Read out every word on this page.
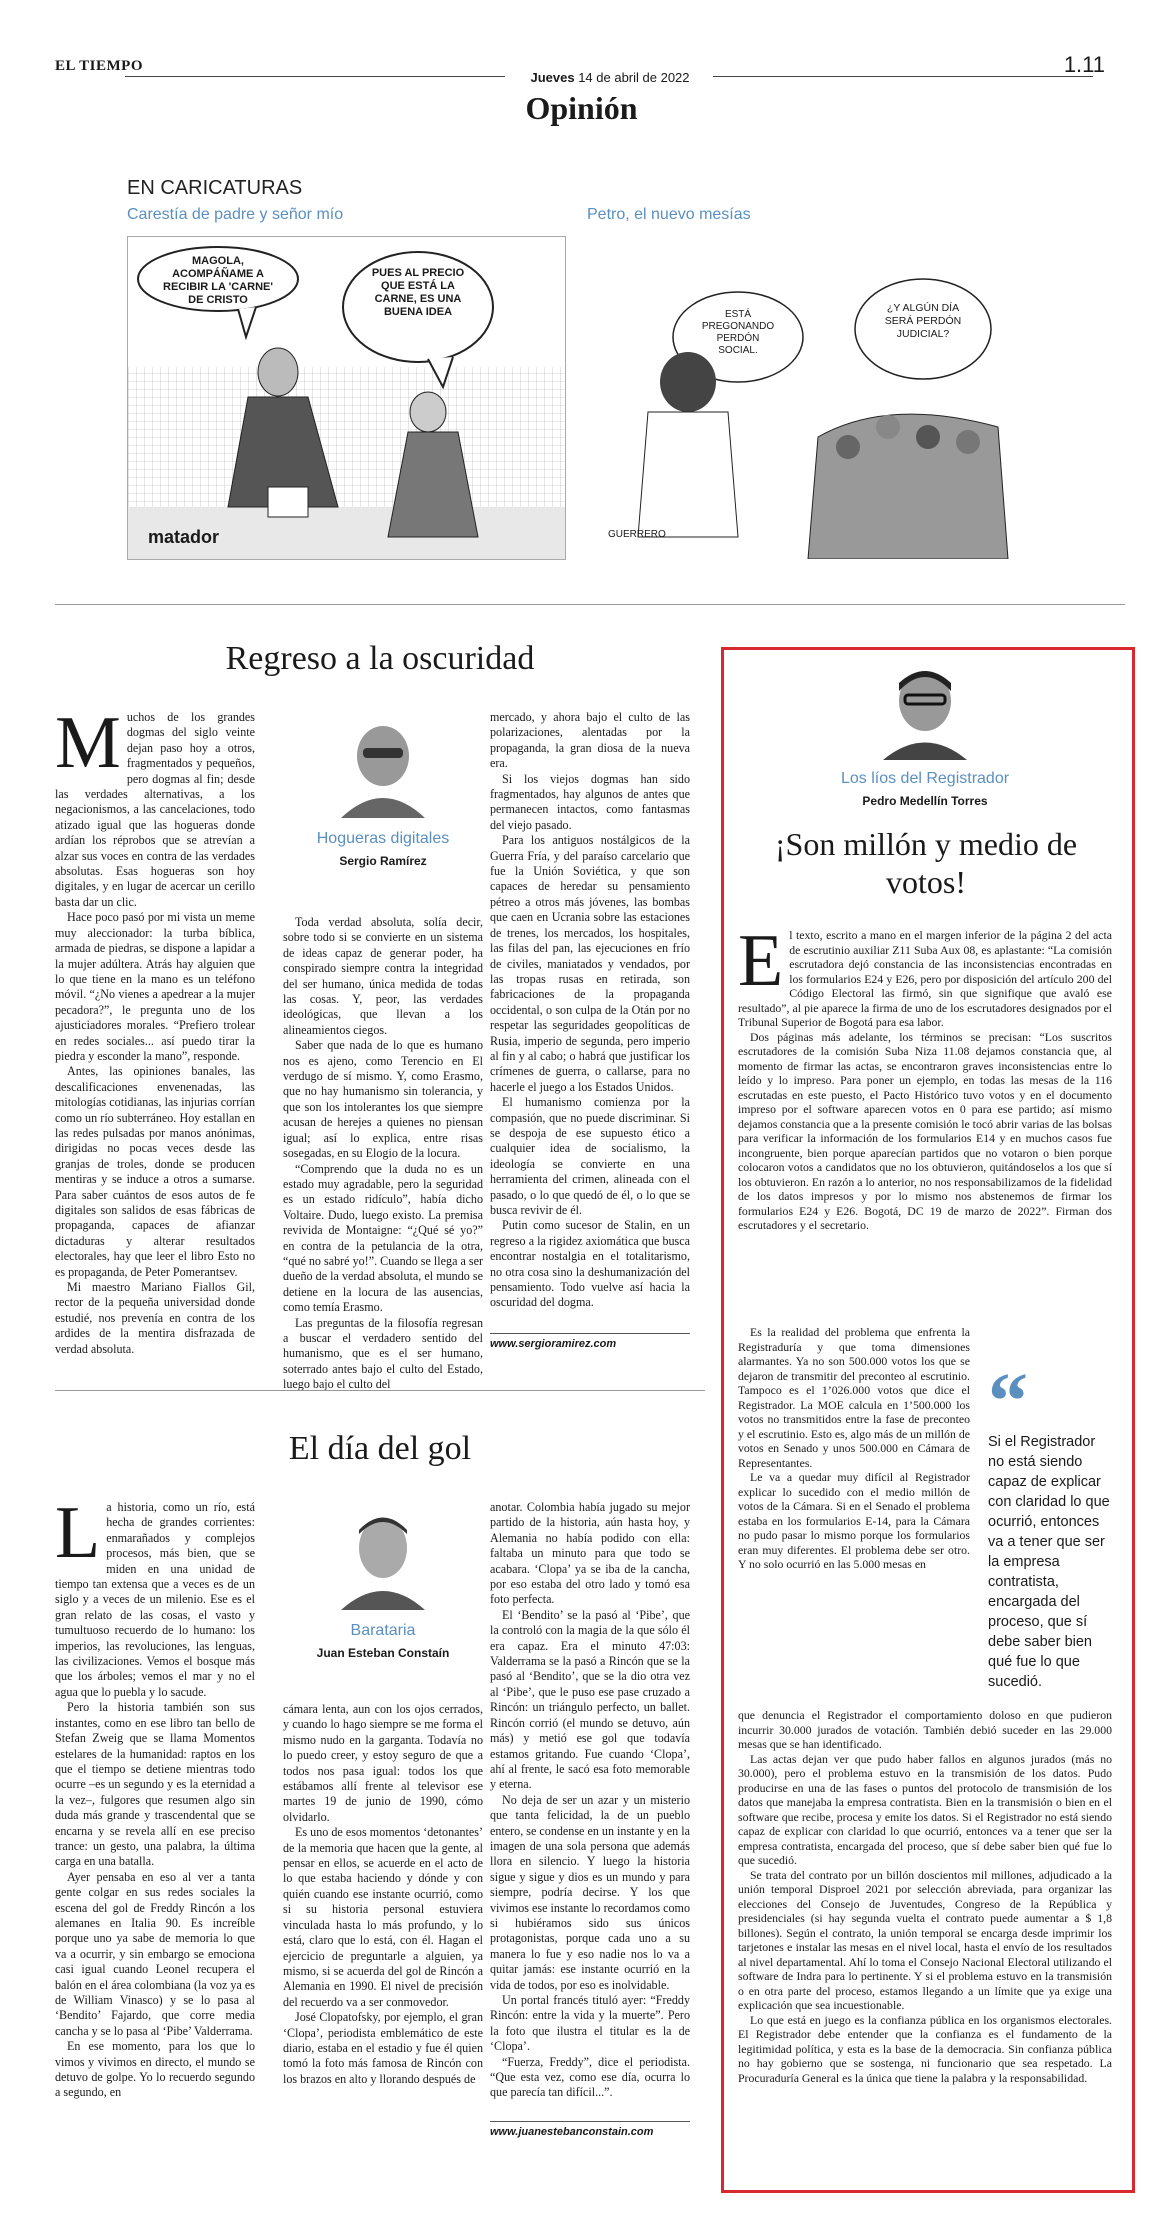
EL TIEMPO
Jueves 14 de abril de 2022
1.11
Opinión
EN CARICATURAS
Carestía de padre y señor mío	Petro, el nuevo mesías
MAGOLA, ACOMPÁÑAME A RECIBIR LA 'CARNE' DE CRISTO
PUES AL PRECIO QUE ESTÁ LA CARNE, ES UNA BUENA IDEA
matador
ESTÁ PREGONANDO PERDÓN SOCIAL.
¿Y ALGÚN DÍA SERÁ PERDÓN JUDICIAL?
GUERRERO
Regreso a la oscuridad

Muchos de los grandes dogmas del siglo veinte dejan paso hoy a otros, fragmentados y pequeños, pero dogmas al fin; desde las verdades alternativas, a los negacionismos, a las cancelaciones, todo atizado igual que las hogueras donde ardían los réprobos que se atrevían a alzar sus voces en contra de las verdades absolutas. Esas hogueras son hoy digitales, y en lugar de acercar un cerillo basta dar un clic.

Hace poco pasó por mi vista un meme muy aleccionador: la turba bíblica, armada de piedras, se dispone a lapidar a la mujer adúltera. Atrás hay alguien que lo que tiene en la mano es un teléfono móvil. “¿No vienes a apedrear a la mujer pecadora?”, le pregunta uno de los ajusticiadores morales. “Prefiero trolear en redes sociales... así puedo tirar la piedra y esconder la mano”, responde.

Antes, las opiniones banales, las descalificaciones envenenadas, las mitologías cotidianas, las injurias corrían como un río subterráneo. Hoy estallan en las redes pulsadas por manos anónimas, dirigidas no pocas veces desde las granjas de troles, donde se producen mentiras y se induce a otros a sumarse. Para saber cuántos de esos autos de fe digitales son salidos de esas fábricas de propaganda, capaces de afianzar dictaduras y alterar resultados electorales, hay que leer el libro Esto no es propaganda, de Peter Pomerantsev.

Mi maestro Mariano Fiallos Gil, rector de la pequeña universidad donde estudié, nos prevenía en contra de los ardides de la mentira disfrazada de verdad absoluta.

Hogueras digitales
Sergio Ramírez

Toda verdad absoluta, solía decir, sobre todo si se convierte en un sistema de ideas capaz de generar poder, ha conspirado siempre contra la integridad del ser humano, única medida de todas las cosas. Y, peor, las verdades ideológicas, que llevan a los alineamientos ciegos.

Saber que nada de lo que es humano nos es ajeno, como Terencio en El verdugo de sí mismo. Y, como Erasmo, que no hay humanismo sin tolerancia, y que son los intolerantes los que siempre acusan de herejes a quienes no piensan igual; así lo explica, entre risas sosegadas, en su Elogio de la locura.

“Comprendo que la duda no es un estado muy agradable, pero la seguridad es un estado ridículo”, había dicho Voltaire. Dudo, luego existo. La premisa revivida de Montaigne: “¿Qué sé yo?” en contra de la petulancia de la otra, “qué no sabré yo!”. Cuando se llega a ser dueño de la verdad absoluta, el mundo se detiene en la locura de las ausencias, como temía Erasmo.

Las preguntas de la filosofía regresan a buscar el verdadero sentido del humanismo, que es el ser humano, soterrado antes bajo el culto del Estado, luego bajo el culto del

mercado, y ahora bajo el culto de las polarizaciones, alentadas por la propaganda, la gran diosa de la nueva era.

Si los viejos dogmas han sido fragmentados, hay algunos de antes que permanecen intactos, como fantasmas del viejo pasado.

Para los antiguos nostálgicos de la Guerra Fría, y del paraíso carcelario que fue la Unión Soviética, y que son capaces de heredar su pensamiento pétreo a otros más jóvenes, las bombas que caen en Ucrania sobre las estaciones de trenes, los mercados, los hospitales, las filas del pan, las ejecuciones en frío de civiles, maniatados y vendados, por las tropas rusas en retirada, son fabricaciones de la propaganda occidental, o son culpa de la Otán por no respetar las seguridades geopolíticas de Rusia, imperio de segunda, pero imperio al fin y al cabo; o habrá que justificar los crímenes de guerra, o callarse, para no hacerle el juego a los Estados Unidos.

El humanismo comienza por la compasión, que no puede discriminar. Si se despoja de ese supuesto ético a cualquier idea de socialismo, la ideología se convierte en una herramienta del crimen, alineada con el pasado, o lo que quedó de él, o lo que se busca revivir de él.

Putin como sucesor de Stalin, en un regreso a la rigidez axiomática que busca encontrar nostalgia en el totalitarismo, no otra cosa sino la deshumanización del pensamiento. Todo vuelve así hacia la oscuridad del dogma.

www.sergioramirez.com
El día del gol

La historia, como un río, está hecha de grandes corrientes: enmarañados y complejos procesos, más bien, que se miden en una unidad de tiempo tan extensa que a veces es de un siglo y a veces de un milenio. Ese es el gran relato de las cosas, el vasto y tumultuoso recuerdo de lo humano: los imperios, las revoluciones, las lenguas, las civilizaciones. Vemos el bosque más que los árboles; vemos el mar y no el agua que lo puebla y lo sacude.

Pero la historia también son sus instantes, como en ese libro tan bello de Stefan Zweig que se llama Momentos estelares de la humanidad: raptos en los que el tiempo se detiene mientras todo ocurre –es un segundo y es la eternidad a la vez–, fulgores que resumen algo sin duda más grande y trascendental que se encarna y se revela allí en ese preciso trance: un gesto, una palabra, la última carga en una batalla.

Ayer pensaba en eso al ver a tanta gente colgar en sus redes sociales la escena del gol de Freddy Rincón a los alemanes en Italia 90. Es increíble porque uno ya sabe de memoria lo que va a ocurrir, y sin embargo se emociona casi igual cuando Leonel recupera el balón en el área colombiana (la voz ya es de William Vinasco) y se lo pasa al ‘Bendito’ Fajardo, que corre media cancha y se lo pasa al ‘Pibe’ Valderrama.

En ese momento, para los que lo vimos y vivimos en directo, el mundo se detuvo de golpe. Yo lo recuerdo segundo a segundo, en

Barataria
Juan Esteban Constaín

cámara lenta, aun con los ojos cerrados, y cuando lo hago siempre se me forma el mismo nudo en la garganta. Todavía no lo puedo creer, y estoy seguro de que a todos nos pasa igual: todos los que estábamos allí frente al televisor ese martes 19 de junio de 1990, cómo olvidarlo.

Es uno de esos momentos ‘detonantes’ de la memoria que hacen que la gente, al pensar en ellos, se acuerde en el acto de lo que estaba haciendo y dónde y con quién cuando ese instante ocurrió, como si su historia personal estuviera vinculada hasta lo más profundo, y lo está, claro que lo está, con él. Hagan el ejercicio de preguntarle a alguien, ya mismo, si se acuerda del gol de Rincón a Alemania en 1990. El nivel de precisión del recuerdo va a ser conmovedor.

José Clopatofsky, por ejemplo, el gran ‘Clopa’, periodista emblemático de este diario, estaba en el estadio y fue él quien tomó la foto más famosa de Rincón con los brazos en alto y llorando después de

anotar. Colombia había jugado su mejor partido de la historia, aún hasta hoy, y Alemania no había podido con ella: faltaba un minuto para que todo se acabara. ‘Clopa’ ya se iba de la cancha, por eso estaba del otro lado y tomó esa foto perfecta.

El ‘Bendito’ se la pasó al ‘Pibe’, que la controló con la magia de la que sólo él era capaz. Era el minuto 47:03: Valderrama se la pasó a Rincón que se la pasó al ‘Bendito’, que se la dio otra vez al ‘Pibe’, que le puso ese pase cruzado a Rincón: un triángulo perfecto, un ballet. Rincón corrió (el mundo se detuvo, aún más) y metió ese gol que todavía estamos gritando. Fue cuando ‘Clopa’, ahí al frente, le sacó esa foto memorable y eterna.

No deja de ser un azar y un misterio que tanta felicidad, la de un pueblo entero, se condense en un instante y en la imagen de una sola persona que además llora en silencio. Y luego la historia sigue y sigue y dios es un mundo y para siempre, podría decirse. Y los que vivimos ese instante lo recordamos como si hubiéramos sido sus únicos protagonistas, porque cada uno a su manera lo fue y eso nadie nos lo va a quitar jamás: ese instante ocurrió en la vida de todos, por eso es inolvidable.

Un portal francés tituló ayer: “Freddy Rincón: entre la vida y la muerte”. Pero la foto que ilustra el titular es la de ‘Clopa’.

“Fuerza, Freddy”, dice el periodista. “Que esta vez, como ese día, ocurra lo que parecía tan difícil...”.

www.juanestebanconstain.com
Los líos del Registrador
Pedro Medellín Torres
¡Son millón y medio de votos!

El texto, escrito a mano en el margen inferior de la página 2 del acta de escrutinio auxiliar Z11 Suba Aux 08, es aplastante: “La comisión escrutadora dejó constancia de las inconsistencias encontradas en los formularios E24 y E26, pero por disposición del artículo 200 del Código Electoral las firmó, sin que signifique que avaló ese resultado”, al pie aparece la firma de uno de los escrutadores designados por el Tribunal Superior de Bogotá para esa labor.

Dos páginas más adelante, los términos se precisan: “Los suscritos escrutadores de la comisión Suba Niza 11.08 dejamos constancia que, al momento de firmar las actas, se encontraron graves inconsistencias entre lo leído y lo impreso. Para poner un ejemplo, en todas las mesas de la 116 escrutadas en este puesto, el Pacto Histórico tuvo votos y en el documento impreso por el software aparecen votos en 0 para ese partido; así mismo dejamos constancia que a la presente comisión le tocó abrir varias de las bolsas para verificar la información de los formularios E14 y en muchos casos fue incongruente, bien porque aparecían partidos que no votaron o bien porque colocaron votos a candidatos que no los obtuvieron, quitándoselos a los que sí los obtuvieron. En razón a lo anterior, no nos responsabilizamos de la fidelidad de los datos impresos y por lo mismo nos abstenemos de firmar los formularios E24 y E26. Bogotá, DC 19 de marzo de 2022”. Firman dos escrutadores y el secretario.

Es la realidad del problema que enfrenta la Registraduría y que toma dimensiones alarmantes. Ya no son 500.000 votos los que se dejaron de transmitir del preconteo al escrutinio. Tampoco es el 1’026.000 votos que dice el Registrador. La MOE calcula en 1’500.000 los votos no transmitidos entre la fase de preconteo y el escrutinio. Esto es, algo más de un millón de votos en Senado y unos 500.000 en Cámara de Representantes.

Le va a quedar muy difícil al Registrador explicar lo sucedido con el medio millón de votos de la Cámara. Si en el Senado el problema estaba en los formularios E-14, para la Cámara no pudo pasar lo mismo porque los formularios eran muy diferentes. El problema debe ser otro. Y no solo ocurrió en las 5.000 mesas en

“
Si el Registrador no está siendo capaz de explicar con claridad lo que ocurrió, entonces va a tener que ser la empresa contratista, encargada del proceso, que sí debe saber bien qué fue lo que sucedió.

que denuncia el Registrador el comportamiento doloso en que pudieron incurrir 30.000 jurados de votación. También debió suceder en las 29.000 mesas que se han identificado.

Las actas dejan ver que pudo haber fallos en algunos jurados (más no 30.000), pero el problema estuvo en la transmisión de los datos. Pudo producirse en una de las fases o puntos del protocolo de transmisión de los datos que manejaba la empresa contratista. Bien en la transmisión o bien en el software que recibe, procesa y emite los datos. Si el Registrador no está siendo capaz de explicar con claridad lo que ocurrió, entonces va a tener que ser la empresa contratista, encargada del proceso, que sí debe saber bien qué fue lo que sucedió.

Se trata del contrato por un billón doscientos mil millones, adjudicado a la unión temporal Disproel 2021 por selección abreviada, para organizar las elecciones del Consejo de Juventudes, Congreso de la República y presidenciales (si hay segunda vuelta el contrato puede aumentar a $ 1,8 billones). Según el contrato, la unión temporal se encarga desde imprimir los tarjetones e instalar las mesas en el nivel local, hasta el envío de los resultados al nivel departamental. Ahí lo toma el Consejo Nacional Electoral utilizando el software de Indra para lo pertinente. Y si el problema estuvo en la transmisión o en otra parte del proceso, estamos llegando a un límite que ya exige una explicación que sea incuestionable.

Lo que está en juego es la confianza pública en los organismos electorales. El Registrador debe entender que la confianza es el fundamento de la legitimidad política, y esta es la base de la democracia. Sin confianza pública no hay gobierno que se sostenga, ni funcionario que sea respetado. La Procuraduría General es la única que tiene la palabra y la responsabilidad.
